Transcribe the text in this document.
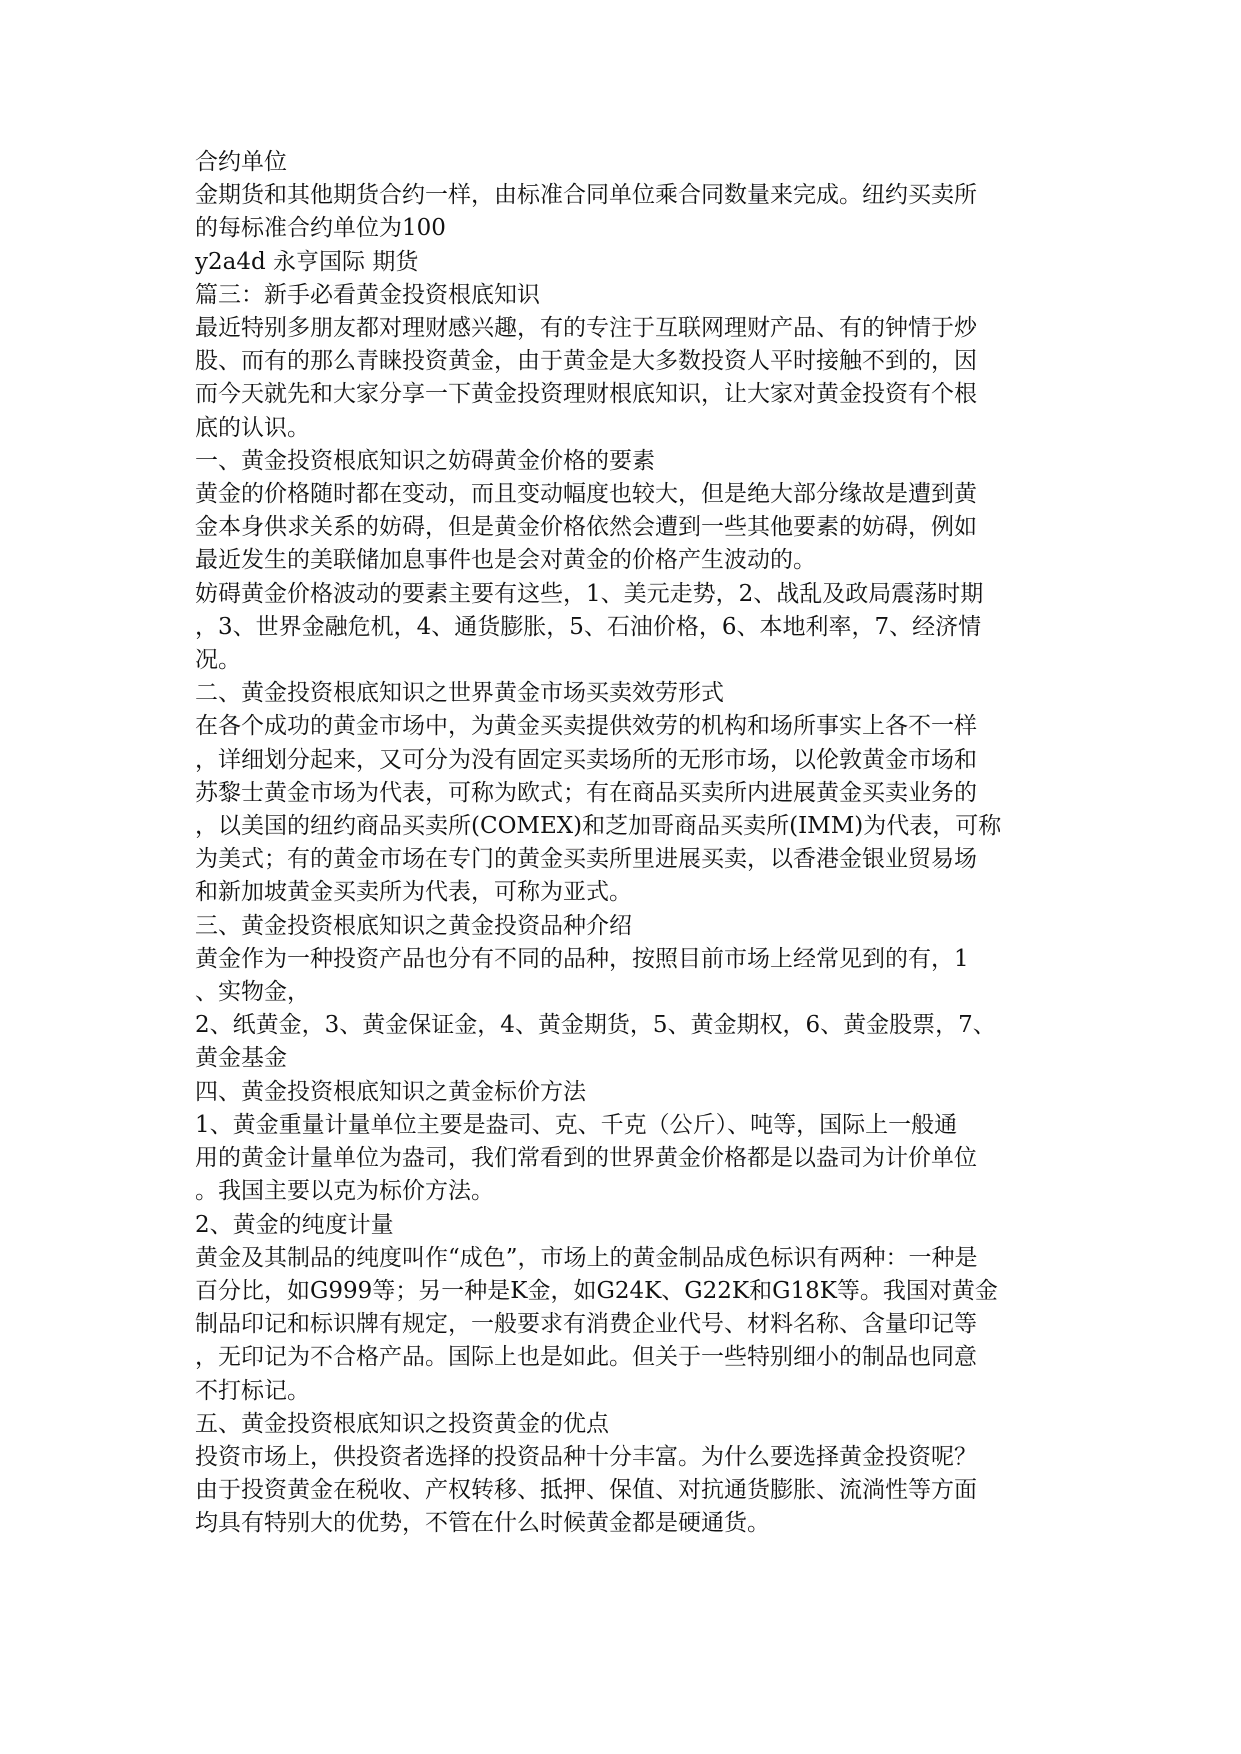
合约单位

金期货和其他期货合约一样，由标准合同单位乘合同数量来完成。纽约买卖所

的每标准合约单位为100

y2a4d 永亨国际 期货

篇三：新手必看黄金投资根底知识

最近特别多朋友都对理财感兴趣，有的专注于互联网理财产品、有的钟情于炒

股、而有的那么青睐投资黄金，由于黄金是大多数投资人平时接触不到的，因

而今天就先和大家分享一下黄金投资理财根底知识，让大家对黄金投资有个根

底的认识。

一、黄金投资根底知识之妨碍黄金价格的要素

黄金的价格随时都在变动，而且变动幅度也较大，但是绝大部分缘故是遭到黄

金本身供求关系的妨碍，但是黄金价格依然会遭到一些其他要素的妨碍，例如

最近发生的美联储加息事件也是会对黄金的价格产生波动的。

妨碍黄金价格波动的要素主要有这些，1、美元走势，2、战乱及政局震荡时期

，3、世界金融危机，4、通货膨胀，5、石油价格，6、本地利率，7、经济情

况。

二、黄金投资根底知识之世界黄金市场买卖效劳形式

在各个成功的黄金市场中，为黄金买卖提供效劳的机构和场所事实上各不一样

，详细划分起来，又可分为没有固定买卖场所的无形市场，以伦敦黄金市场和

苏黎士黄金市场为代表，可称为欧式；有在商品买卖所内进展黄金买卖业务的

，以美国的纽约商品买卖所(COMEX)和芝加哥商品买卖所(IMM)为代表，可称

为美式；有的黄金市场在专门的黄金买卖所里进展买卖，以香港金银业贸易场

和新加坡黄金买卖所为代表，可称为亚式。

三、黄金投资根底知识之黄金投资品种介绍

黄金作为一种投资产品也分有不同的品种，按照目前市场上经常见到的有，1

、实物金，

2、纸黄金，3、黄金保证金，4、黄金期货，5、黄金期权，6、黄金股票，7、

黄金基金

四、黄金投资根底知识之黄金标价方法

1、黄金重量计量单位主要是盎司、克、千克（公斤）、吨等，国际上一般通

用的黄金计量单位为盎司，我们常看到的世界黄金价格都是以盎司为计价单位

。我国主要以克为标价方法。

2、黄金的纯度计量

黄金及其制品的纯度叫作“成色”，市场上的黄金制品成色标识有两种：一种是

百分比，如G999等；另一种是K金，如G24K、G22K和G18K等。我国对黄金

制品印记和标识牌有规定，一般要求有消费企业代号、材料名称、含量印记等

，无印记为不合格产品。国际上也是如此。但关于一些特别细小的制品也同意

不打标记。

五、黄金投资根底知识之投资黄金的优点

投资市场上，供投资者选择的投资品种十分丰富。为什么要选择黄金投资呢？

由于投资黄金在税收、产权转移、抵押、保值、对抗通货膨胀、流淌性等方面

均具有特别大的优势，不管在什么时候黄金都是硬通货。
